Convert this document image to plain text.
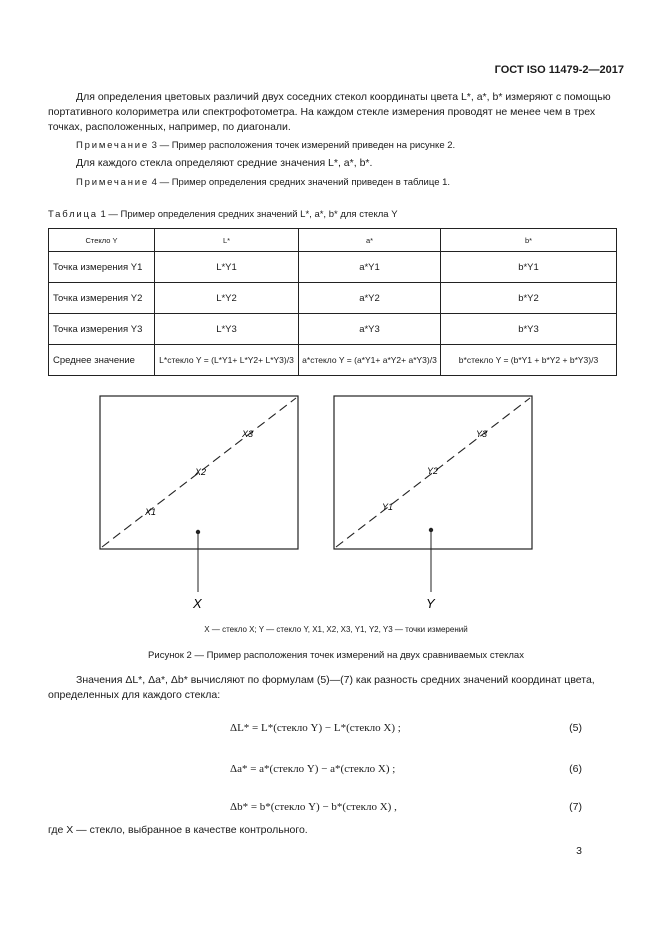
ГОСТ ISO 11479-2—2017
Для определения цветовых различий двух соседних стекол координаты цвета L*, a*, b* измеряют с помощью портативного колориметра или спектрофотометра. На каждом стекле измерения проводят не менее чем в трех точках, расположенных, например, по диагонали.
Примечание 3 — Пример расположения точек измерений приведен на рисунке 2.
Для каждого стекла определяют средние значения L*, a*, b*.
Примечание 4 — Пример определения средних значений приведен в таблице 1.
Таблица 1 — Пример определения средних значений L*, a*, b* для стекла Y
Стекло Y	L*	a*	b*
Точка измерения Y1	L*Y1	a*Y1	b*Y1
Точка измерения Y2	L*Y2	a*Y2	b*Y2
Точка измерения Y3	L*Y3	a*Y3	b*Y3
Среднее значение	L*стекло Y = (L*Y1+ L*Y2+ L*Y3)/3	a*стекло Y = (a*Y1+ a*Y2+ a*Y3)/3	b*стекло Y = (b*Y1 + b*Y2 + b*Y3)/3
X
X1
X2
X3
Y
Y1
Y2
Y3
X — стекло X; Y — стекло Y, X1, X2, X3, Y1, Y2, Y3 — точки измерений
Рисунок 2 — Пример расположения точек измерений на двух сравниваемых стеклах
Значения ΔL*, Δa*, Δb* вычисляют по формулам (5)—(7) как разность средних значений координат цвета, определенных для каждого стекла:
ΔL* = L*(стекло Y) − L*(стекло X) ;	(5)
Δa* = a*(стекло Y) − a*(стекло X) ;	(6)
Δb* = b*(стекло Y) − b*(стекло X) ,	(7)
где X — стекло, выбранное в качестве контрольного.
3
